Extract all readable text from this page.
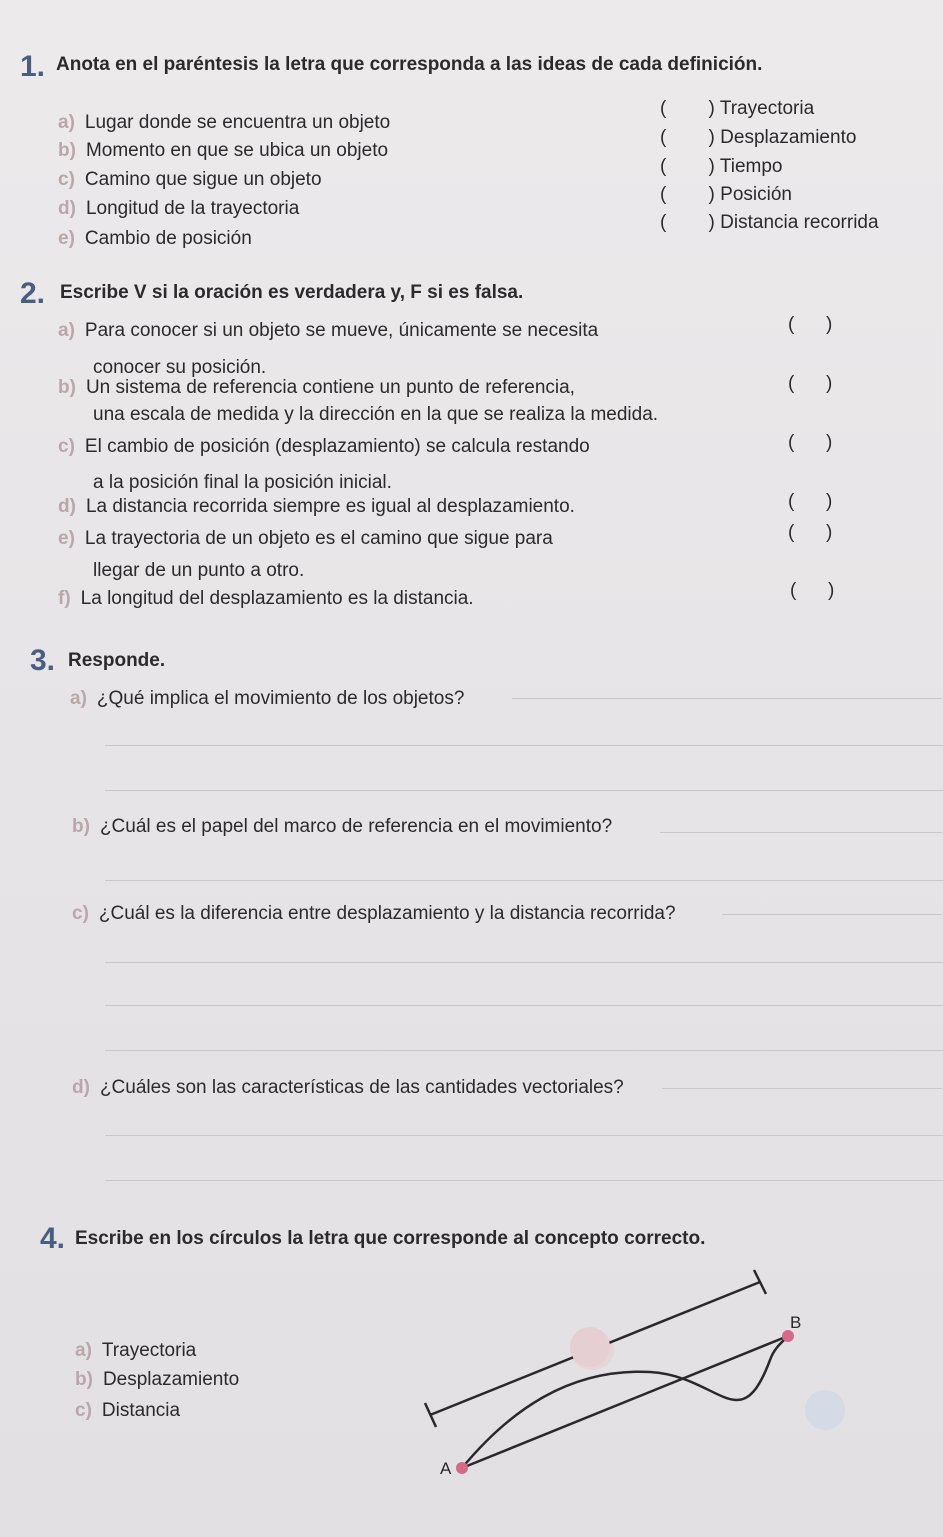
1. Anota en el paréntesis la letra que corresponda a las ideas de cada definición.
a) Lugar donde se encuentra un objeto
b) Momento en que se ubica un objeto
c) Camino que sigue un objeto
d) Longitud de la trayectoria
e) Cambio de posición
(        ) Trayectoria
(        ) Desplazamiento
(        ) Tiempo
(        ) Posición
(        ) Distancia recorrida
2. Escribe V si la oración es verdadera y, F si es falsa.
a) Para conocer si un objeto se mueve, únicamente se necesita
conocer su posición.
(      )
b) Un sistema de referencia contiene un punto de referencia,
una escala de medida y la dirección en la que se realiza la medida.
(      )
c) El cambio de posición (desplazamiento) se calcula restando
a la posición final la posición inicial.
(      )
d) La distancia recorrida siempre es igual al desplazamiento.	(      )
e) La trayectoria de un objeto es el camino que sigue para
llegar de un punto a otro.
(      )
f) La longitud del desplazamiento es la distancia.	(      )
3. Responde.
a) ¿Qué implica el movimiento de los objetos?
b) ¿Cuál es el papel del marco de referencia en el movimiento?
c) ¿Cuál es la diferencia entre desplazamiento y la distancia recorrida?
d) ¿Cuáles son las características de las cantidades vectoriales?
4. Escribe en los círculos la letra que corresponde al concepto correcto.
a) Trayectoria
b) Desplazamiento
c) Distancia
A
B
